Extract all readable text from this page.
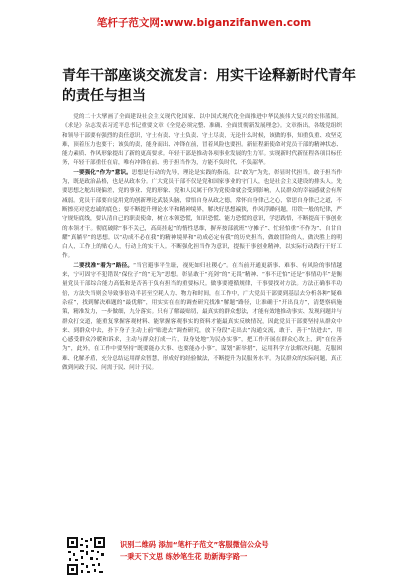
笔杆子范文网:www.biganzifanwen.com
青年干部座谈交流发言：用实干诠释新时代青年的责任与担当

党的二十大擘画了全面建设社会主义现代化国家、以中国式现代化全面推进中华民族伟大复兴的宏伟蓝图。《求是》杂志发表习近平总书记重要文章《全党必须完整、准确、全面贯彻新发展理念》。文章指出，各级党组织和领导干部要有强烈的责任意识，守土有责、守土负责、守土尽责，无论什么时候，该做的事，知重负重、攻坚克难，顶着压力也要干；该负的责，能身而出、冲锋在前，冒着风险也要担。新征程新使命对党员干部的精神状态、能力素质、作风形象提出了新的更高要求。年轻干部是推动各项事业发展的生力军。实现新时代新征程各项目标任务，年轻干部重任在肩，唯有冲锋在前、勇于担当作为，方能不负时代、不负韶华。

一要强化“作为”意识。思想是行动的先导，理论是实践的指南。以“敢为”为先，彰显时代担当。敢于担当作为，既是政治品格，也是从政本分。广大党员干部不仅是党和国家事业的守门人，也是社会主义建设的排头人。先要思想之舵出现偏差，党的事业、党的形象、党和人民属于你为党使命就会受到影响，人民群众的幸福感就会有所减弱。党员干部要自觉用党的创新理论武装头脑，常悟自身从政之德，常怀自身律己之心，常思自身律己之道，不断擦亮对党忠诚的底色；要不断提升理论水平和精神境界，解决好思想褊狭，作风浮躁问题，用铁一般的纪律，严守规矩底线，要认清自己的职责使命，树立本领恐慌，知识恐慌、能力恐慌的意识，学思践悟，不断提高干事创业的本领才干。彻底破除“事不关己，高高挂起”的惰性思维，摒弃按部就班“守摊子”、忙轻怕重“不作为”、自甘自耀“真躺平”的思想。以“功成不必在我”的精神境界和“功成必定有我”的历史担当，做敢冒险的人，做决胜上的明白人，工作上的贴心人，行动上的实干人。不断强化担当作为意识，提振干事创业精神，以实际行动践行干好工作。

二要找准“着为”路径。“当官避事平生耻，视死如归社稷心”。在当前开通更新事、难事、有风险的事情越来，宁可固守不犯错误“保位子”的“无为”思想。彰显敢于“亮剑”的“无畏”精神、“事不迁怕”还是“事情功半”是衡量党员干部综合能力高低和是否善于负有担当的重要标尺。做事要遵循规律，干事要找对方法。方法正确事半功倍，方法失当则会导致事倍功半甚至空耗人力、物力和时间，在工作中，广大党员干部要到基层去分析各种“疑难杂症”，找到解决难题的“最优解”，用实实在在的调查研究找准“解题”路径，让准确于“开出良方”，清楚察病施策，精准发力，一步做细，九分落实。只有了解最贴切，最真实的群众想法，才能有效地推动事实、发现问题并与群众打交道，能重复掌握客观材料、能掌握客观事实的资料才能最真实反映情况，因此党员干部要坚持从群众中来、到群众中去，扑下身子主动上前“贴进去”调查研究，放下身段“走出去”沟通交流，敢于、善于“钻进去”，用心感受群众冷暖和诉求，主动与群众打成一片，设身处地“为民办实事”，把工作开展在群众心坎上，到“在位善为”，此外，在工作中要坚持“既要能办大事、也要能办小事”，谋划“新举措”，运用科学方法解决问题，克服困难、化解矛盾，充分总结运用群众智慧，形成好的经验做法，不断提升为民服务水平。为民群众的实际问题，真正做到问政于民、问需于民、问计于民。

识别二维码 添加“笔杆子范文”客服微信公众号
一秉天下文思 练妙笔生花 助新海字路一
